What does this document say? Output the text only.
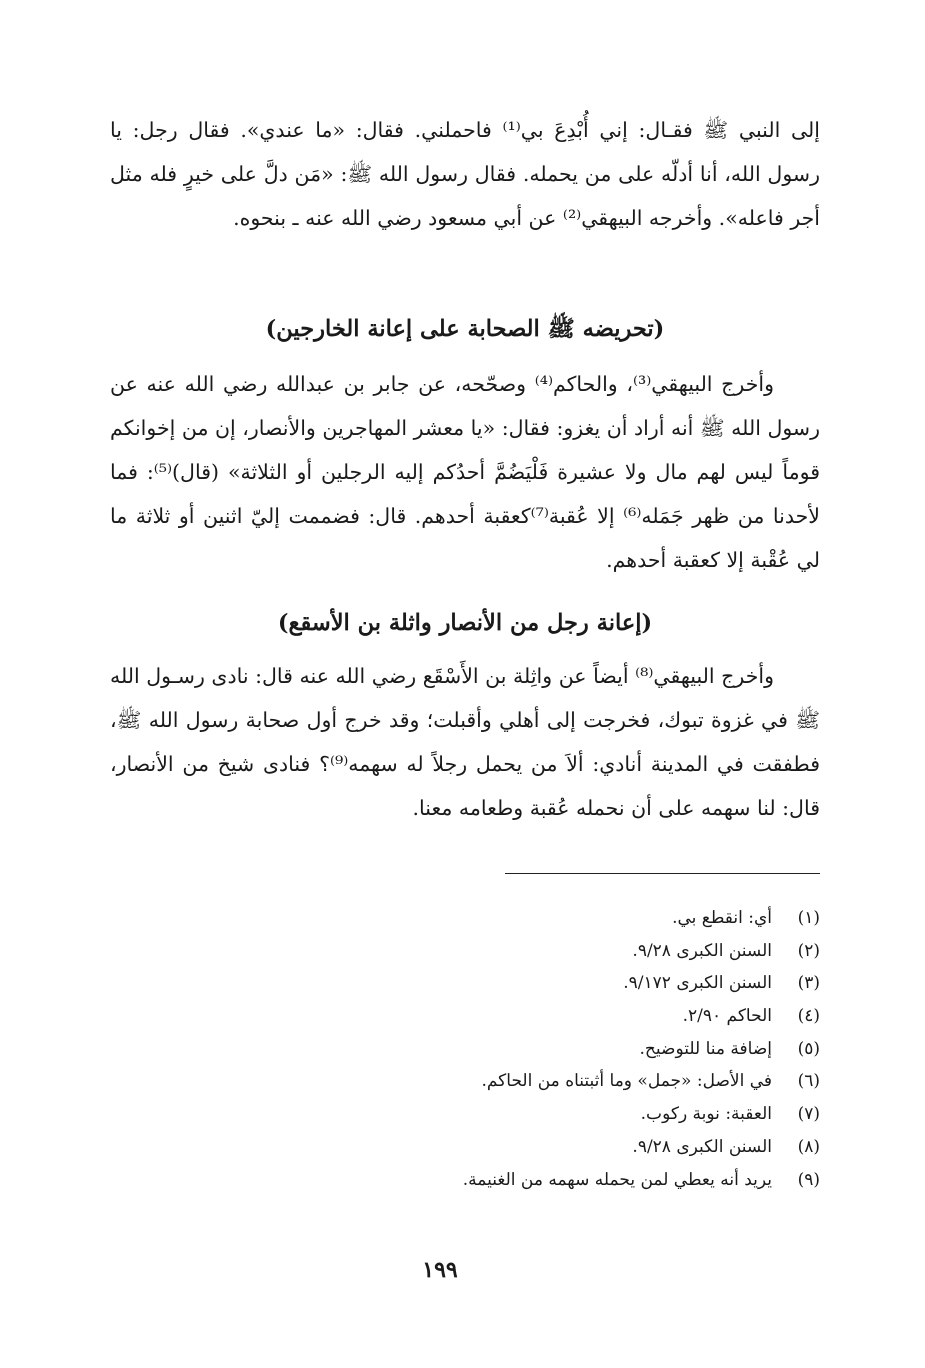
إلى النبي ﷺ فقـال: إني أُبْدِعَ بي⁽¹⁾ فاحملني. فقال: «ما عندي». فقال رجل: يا رسول الله، أنا أدلّه على من يحمله. فقال رسول الله ﷺ: «مَن دلَّ على خيرٍ فله مثل أجر فاعله». وأخرجه البيهقي⁽²⁾ عن أبي مسعود رضي الله عنه ـ بنحوه.

(تحريضه ﷺ الصحابة على إعانة الخارجين)

وأخرج البيهقي⁽³⁾، والحاكم⁽⁴⁾ وصحّحه، عن جابر بن عبدالله رضي الله عنه عن رسول الله ﷺ أنه أراد أن يغزو: فقال: «يا معشر المهاجرين والأنصار، إن من إخوانكم قوماً ليس لهم مال ولا عشيرة فَلْيَضُمَّ أحدُكم إليه الرجلين أو الثلاثة» (قال)⁽⁵⁾: فما لأحدنا من ظهر جَمَله⁽⁶⁾ إلا عُقبة⁽⁷⁾كعقبة أحدهم. قال: فضممت إليّ اثنين أو ثلاثة ما لي عُقْبة إلا كعقبة أحدهم.

(إعانة رجل من الأنصار واثلة بن الأسقع)

وأخرج البيهقي⁽⁸⁾ أيضاً عن واثِلة بن الأَسْقَع رضي الله عنه قال: نادى رسـول الله ﷺ في غزوة تبوك، فخرجت إلى أهلي وأقبلت؛ وقد خرج أول صحابة رسول الله ﷺ، فطفقت في المدينة أنادي: ألاَ من يحمل رجلاً له سهمه⁽⁹⁾؟ فنادى شيخ من الأنصار، قال: لنا سهمه على أن نحمله عُقبة وطعامه معنا.

(١)
أي: انقطع بي.
(٢)
السنن الكبرى ٩/٢٨.
(٣)
السنن الكبرى ٩/١٧٢.
(٤)
الحاكم ٢/٩٠.
(٥)
إضافة منا للتوضيح.
(٦)
في الأصل: «جمل» وما أثبتناه من الحاكم.
(٧)
العقبة: نوبة ركوب.
(٨)
السنن الكبرى ٩/٢٨.
(٩)
يريد أنه يعطي لمن يحمله سهمه من الغنيمة.
١٩٩
